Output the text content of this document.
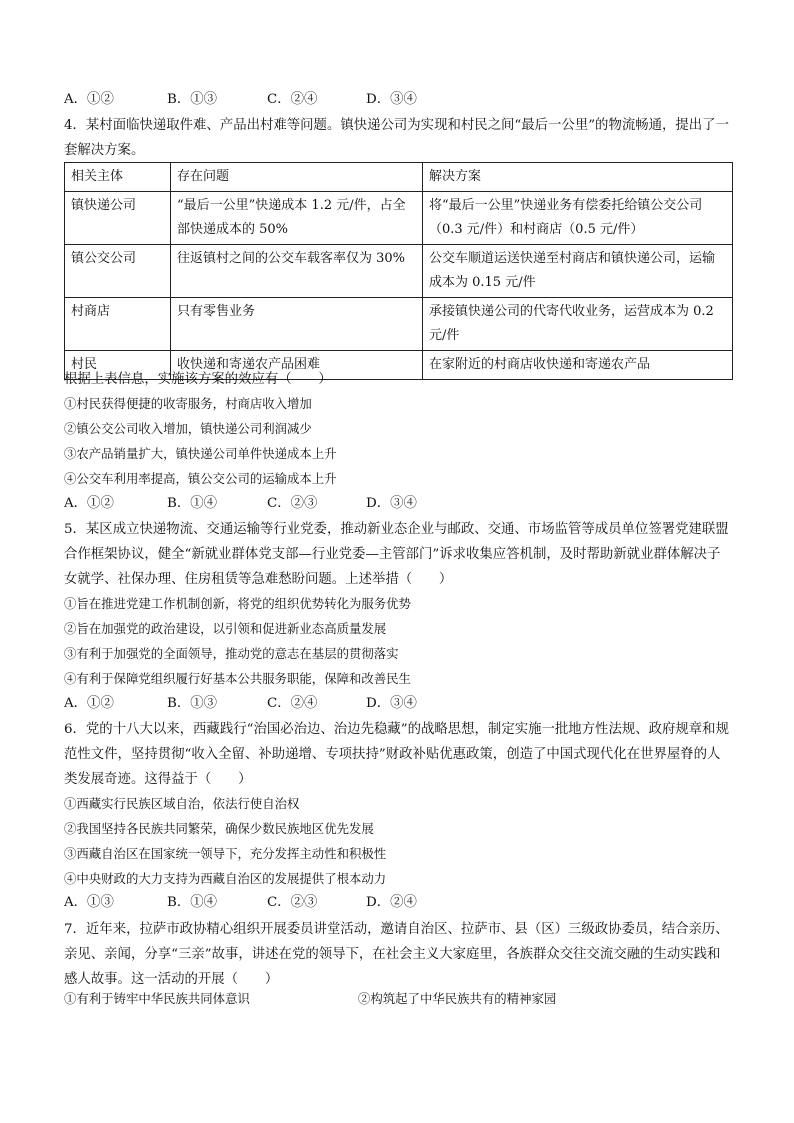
A．①②	B．①③	C．②④	D．③④
4．某村面临快递取件难、产品出村难等问题。镇快递公司为实现和村民之间“最后一公里”的物流畅通，提出了一套解决方案。
相关主体	存在问题	解决方案
镇快递公司	“最后一公里”快递成本 1.2 元/件，占全部快递成本的 50%	将“最后一公里”快递业务有偿委托给镇公交公司（0.3 元/件）和村商店（0.5 元/件）
镇公交公司	往返镇村之间的公交车载客率仅为 30%	公交车顺道运送快递至村商店和镇快递公司，运输成本为 0.15 元/件
村商店	只有零售业务	承接镇快递公司的代寄代收业务，运营成本为 0.2 元/件
村民	收快递和寄递农产品困难	在家附近的村商店收快递和寄递农产品
根据上表信息，实施该方案的效应有（　　）
①村民获得便捷的收寄服务，村商店收入增加
②镇公交公司收入增加，镇快递公司利润减少
③农产品销量扩大，镇快递公司单件快递成本上升
④公交车利用率提高，镇公交公司的运输成本上升
A．①②	B．①④	C．②③	D．③④
5．某区成立快递物流、交通运输等行业党委，推动新业态企业与邮政、交通、市场监管等成员单位签署党建联盟合作框架协议，健全“新就业群体党支部—行业党委—主管部门”诉求收集应答机制，及时帮助新就业群体解决子女就学、社保办理、住房租赁等急难愁盼问题。上述举措（　　）
①旨在推进党建工作机制创新，将党的组织优势转化为服务优势
②旨在加强党的政治建设，以引领和促进新业态高质量发展
③有利于加强党的全面领导，推动党的意志在基层的贯彻落实
④有利于保障党组织履行好基本公共服务职能，保障和改善民生
A．①②	B．①③	C．②④	D．③④
6．党的十八大以来，西藏践行“治国必治边、治边先稳藏”的战略思想，制定实施一批地方性法规、政府规章和规范性文件，坚持贯彻“收入全留、补助递增、专项扶持”财政补贴优惠政策，创造了中国式现代化在世界屋脊的人类发展奇迹。这得益于（　　）
①西藏实行民族区域自治，依法行使自治权
②我国坚持各民族共同繁荣，确保少数民族地区优先发展
③西藏自治区在国家统一领导下，充分发挥主动性和积极性
④中央财政的大力支持为西藏自治区的发展提供了根本动力
A．①③	B．①④	C．②③	D．②④
7．近年来，拉萨市政协精心组织开展委员讲堂活动，邀请自治区、拉萨市、县（区）三级政协委员，结合亲历、亲见、亲闻，分享“三亲”故事，讲述在党的领导下，在社会主义大家庭里，各族群众交往交流交融的生动实践和感人故事。这一活动的开展（　　）
①有利于铸牢中华民族共同体意识	②构筑起了中华民族共有的精神家园
